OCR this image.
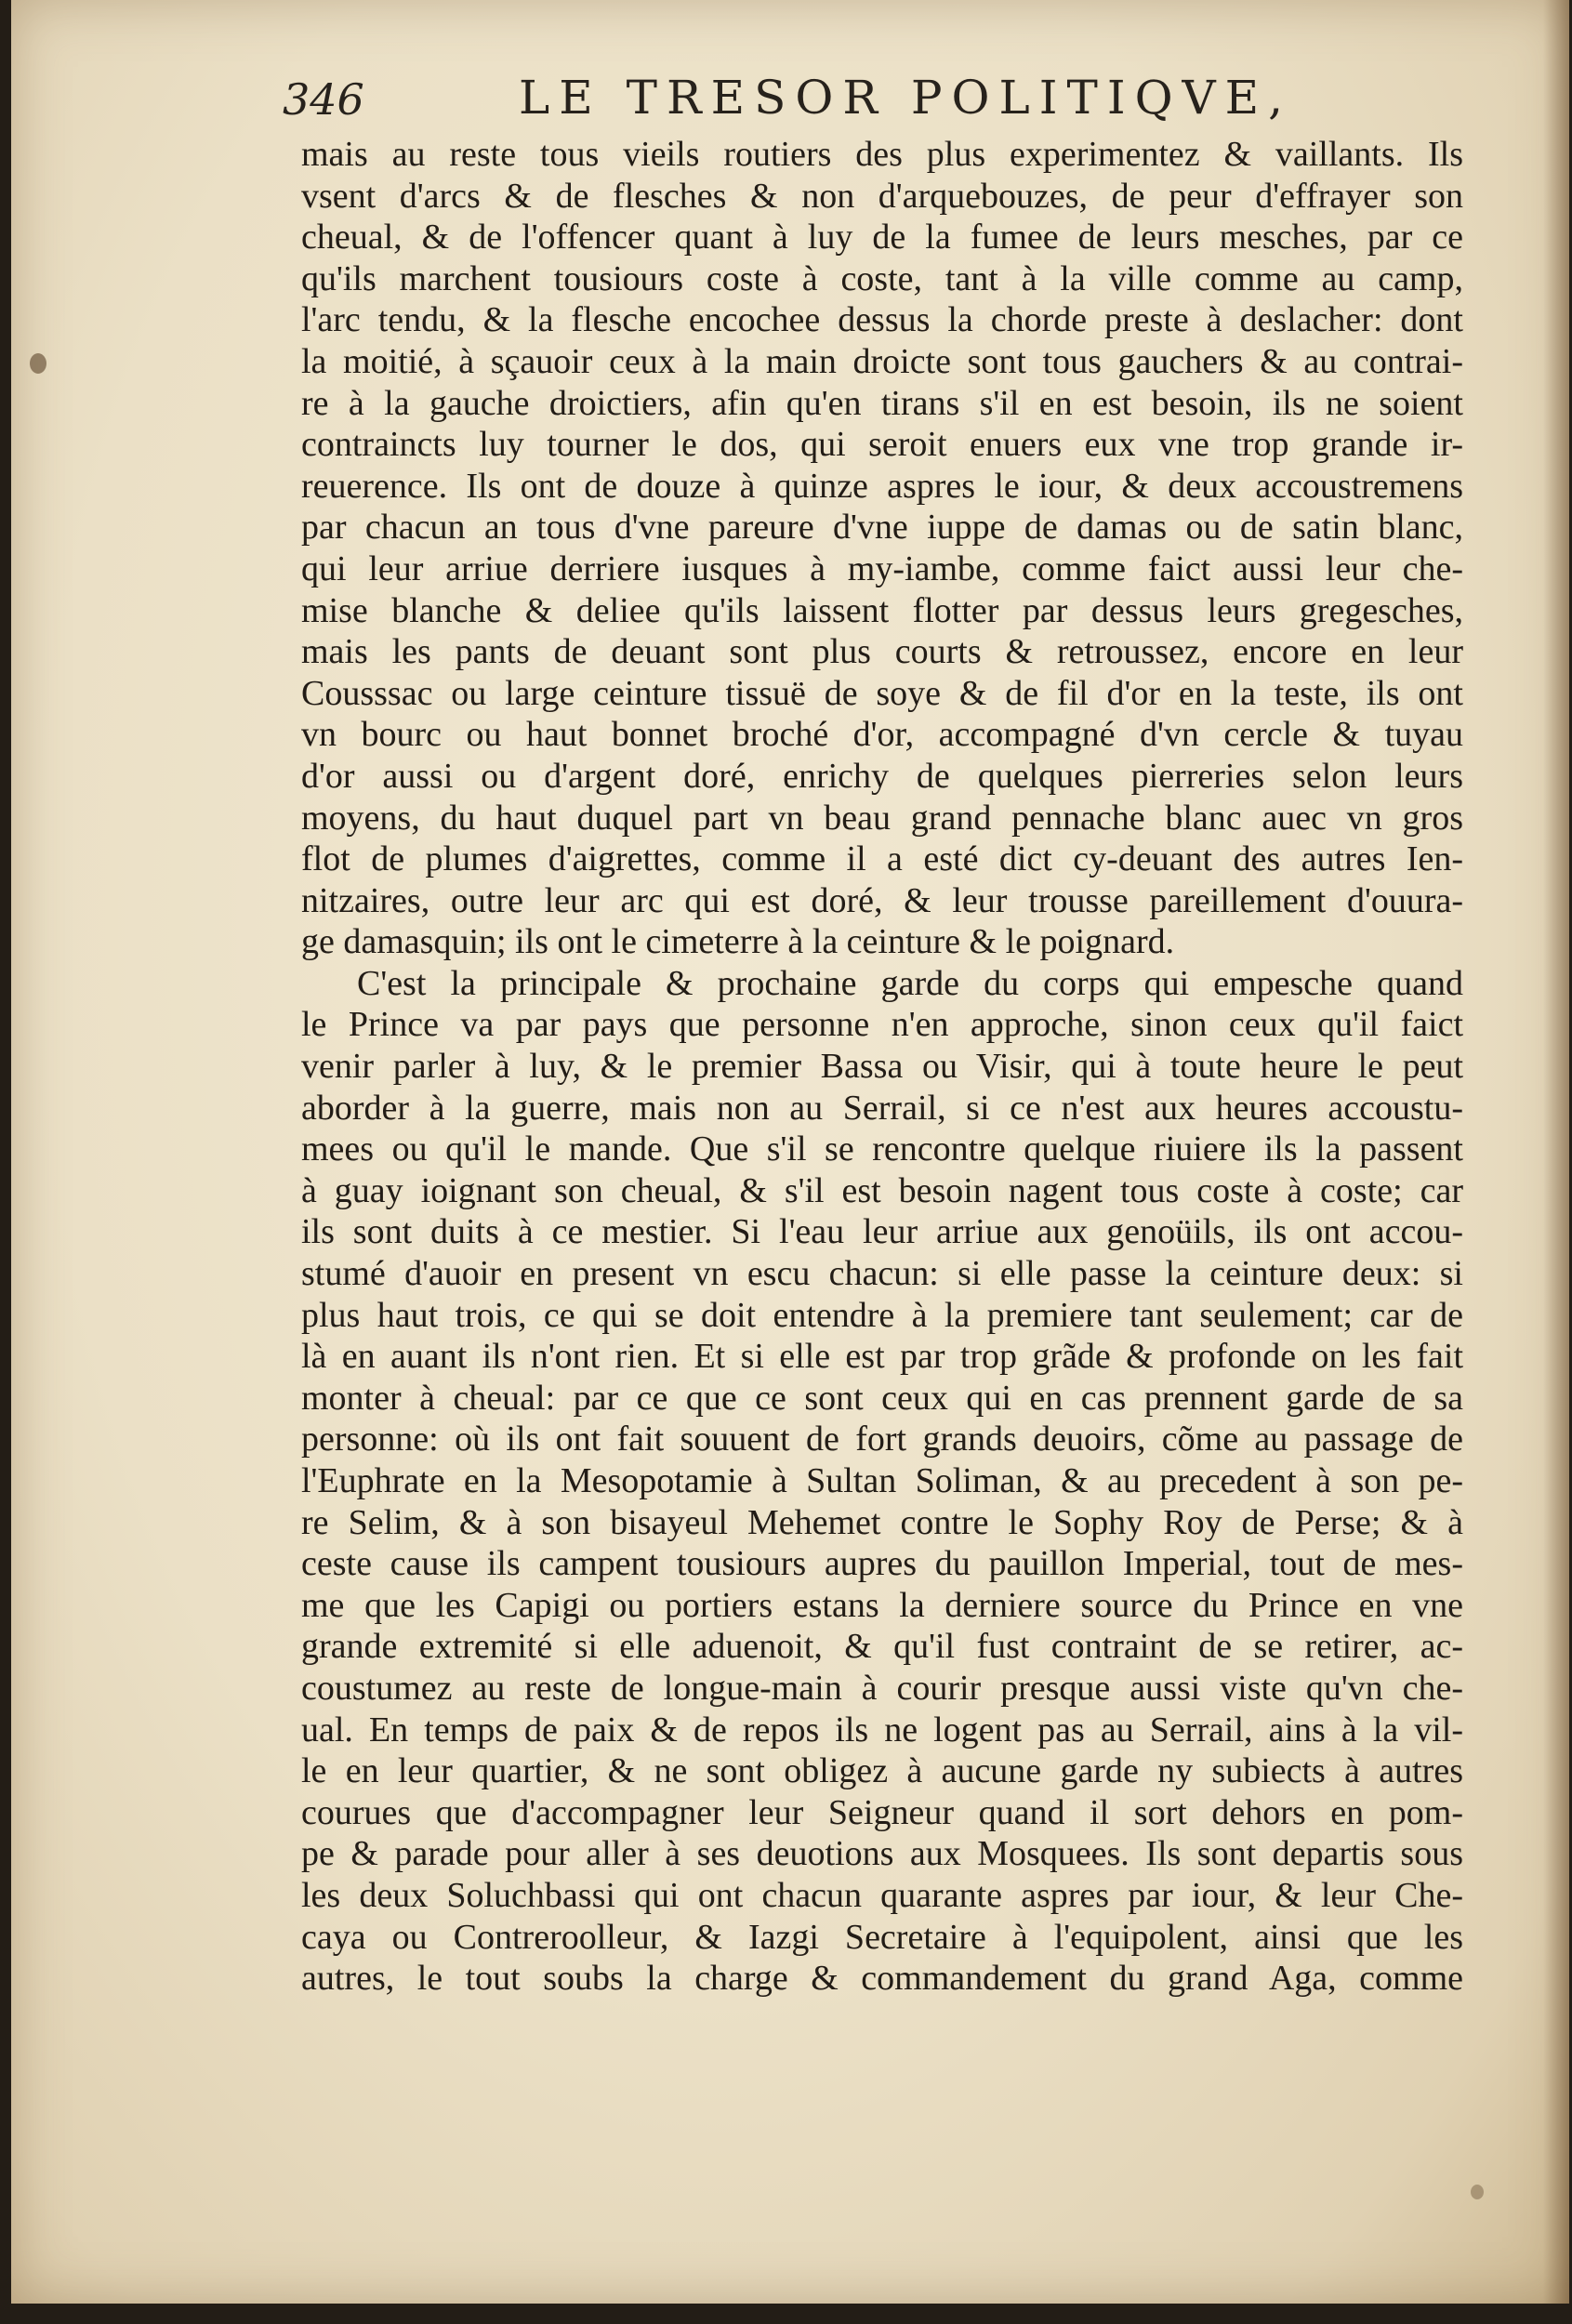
346	LE TRESOR POLITIQVE,
mais au reste tous vieils routiers des plus experimentez & vaillants. Ils
vsent d'arcs & de flesches & non d'arquebouzes, de peur d'effrayer son
cheual, & de l'offencer quant à luy de la fumee de leurs mesches, par ce
qu'ils marchent tousiours coste à coste, tant à la ville comme au camp,
l'arc tendu, & la flesche encochee dessus la chorde preste à deslacher: dont
la moitié, à sçauoir ceux à la main droicte sont tous gauchers & au contrai-
re à la gauche droictiers, afin qu'en tirans s'il en est besoin, ils ne soient
contraincts luy tourner le dos, qui seroit enuers eux vne trop grande ir-
reuerence. Ils ont de douze à quinze aspres le iour, & deux accoustremens
par chacun an tous d'vne pareure d'vne iuppe de damas ou de satin blanc,
qui leur arriue derriere iusques à my-iambe, comme faict aussi leur che-
mise blanche & deliee qu'ils laissent flotter par dessus leurs gregesches,
mais les pants de deuant sont plus courts & retroussez, encore en leur
Cousssac ou large ceinture tissuë de soye & de fil d'or en la teste, ils ont
vn bourc ou haut bonnet broché d'or, accompagné d'vn cercle & tuyau
d'or aussi ou d'argent doré, enrichy de quelques pierreries selon leurs
moyens, du haut duquel part vn beau grand pennache blanc auec vn gros
flot de plumes d'aigrettes, comme il a esté dict cy-deuant des autres Ien-
nitzaires, outre leur arc qui est doré, & leur trousse pareillement d'ouura-
ge damasquin; ils ont le cimeterre à la ceinture & le poignard.
C'est la principale & prochaine garde du corps qui empesche quand
le Prince va par pays que personne n'en approche, sinon ceux qu'il faict
venir parler à luy, & le premier Bassa ou Visir, qui à toute heure le peut
aborder à la guerre, mais non au Serrail, si ce n'est aux heures accoustu-
mees ou qu'il le mande. Que s'il se rencontre quelque riuiere ils la passent
à guay ioignant son cheual, & s'il est besoin nagent tous coste à coste; car
ils sont duits à ce mestier. Si l'eau leur arriue aux genoüils, ils ont accou-
stumé d'auoir en present vn escu chacun: si elle passe la ceinture deux: si
plus haut trois, ce qui se doit entendre à la premiere tant seulement; car de
là en auant ils n'ont rien. Et si elle est par trop grãde & profonde on les fait
monter à cheual: par ce que ce sont ceux qui en cas prennent garde de sa
personne: où ils ont fait souuent de fort grands deuoirs, cõme au passage de
l'Euphrate en la Mesopotamie à Sultan Soliman, & au precedent à son pe-
re Selim, & à son bisayeul Mehemet contre le Sophy Roy de Perse; & à
ceste cause ils campent tousiours aupres du pauillon Imperial, tout de mes-
me que les Capigi ou portiers estans la derniere source du Prince en vne
grande extremité si elle aduenoit, & qu'il fust contraint de se retirer, ac-
coustumez au reste de longue-main à courir presque aussi viste qu'vn che-
ual. En temps de paix & de repos ils ne logent pas au Serrail, ains à la vil-
le en leur quartier, & ne sont obligez à aucune garde ny subiects à autres
courues que d'accompagner leur Seigneur quand il sort dehors en pom-
pe & parade pour aller à ses deuotions aux Mosquees. Ils sont departis sous
les deux Soluchbassi qui ont chacun quarante aspres par iour, & leur Che-
caya ou Contreroolleur, & Iazgi Secretaire à l'equipolent, ainsi que les
autres, le tout soubs la charge & commandement du grand Aga, comme
